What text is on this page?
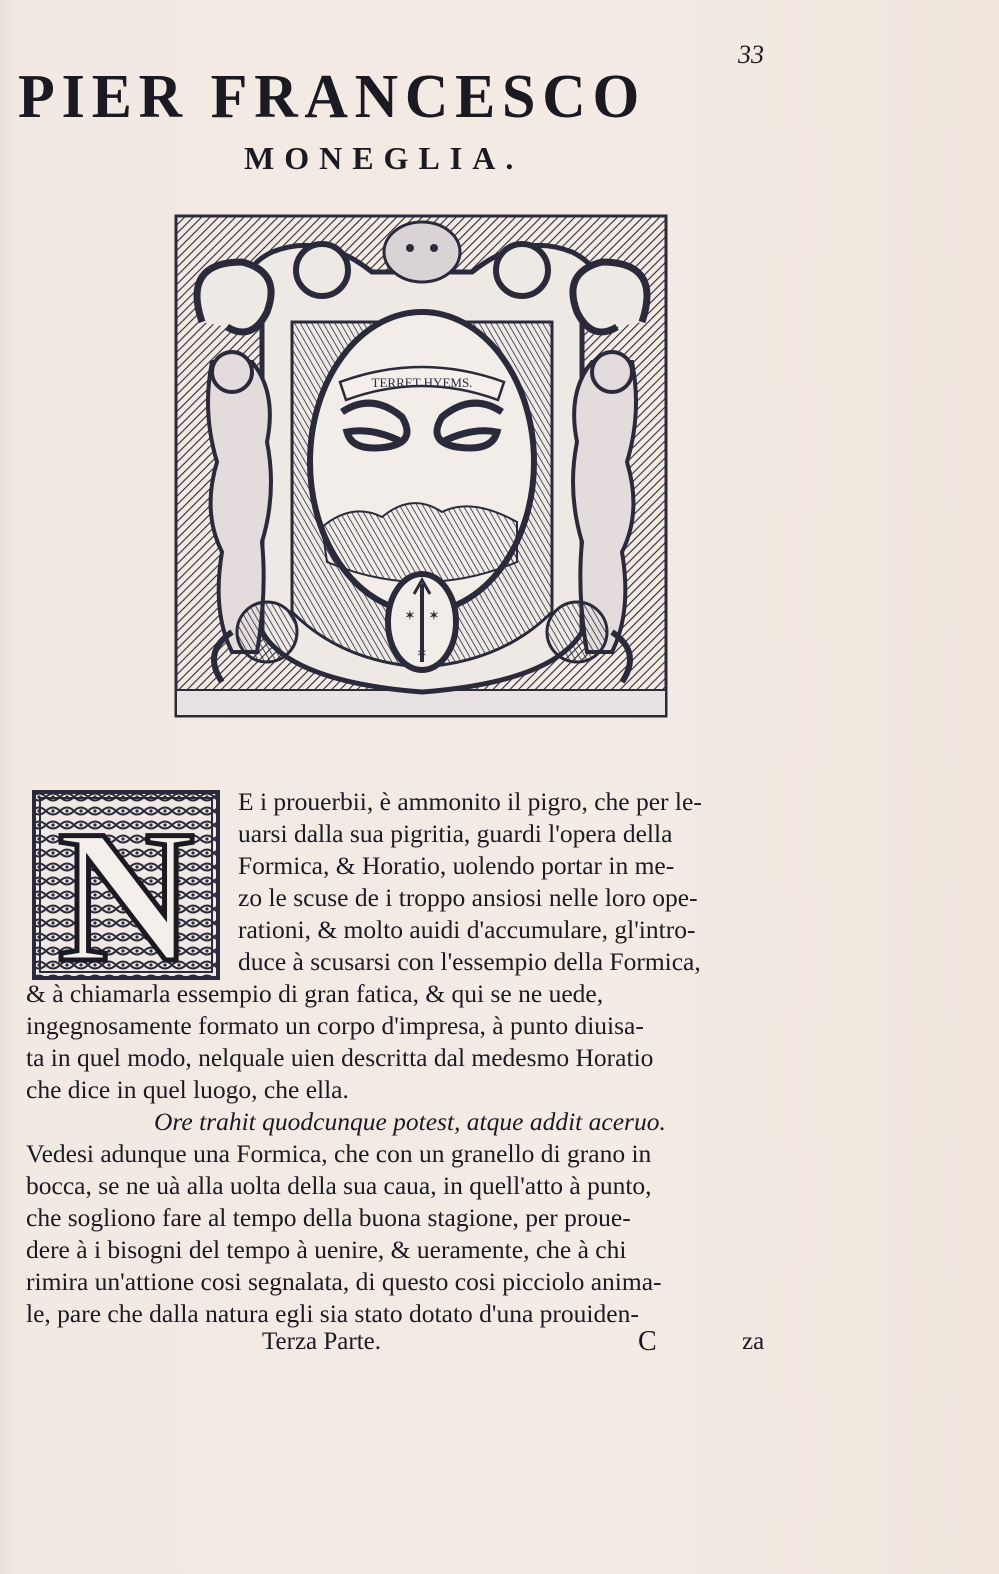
33
PIER FRANCESCO
MONEGLIA.
TERRET HYEMS.
✶ ✶
✶
N	E i prouerbii, è ammonito il pigro, che per le-
uarsi dalla sua pigritia, guardi l'opera della
Formica, & Horatio, uolendo portar in me-
zo le scuse de i troppo ansiosi nelle loro ope-
rationi, & molto auidi d'accumulare, gl'intro-
duce à scusarsi con l'essempio della Formica,
& à chiamarla essempio di gran fatica, & qui se ne uede,
ingegnosamente formato un corpo d'impresa, à punto diuisa-
ta in quel modo, nelquale uien descritta dal medesmo Horatio
che dice in quel luogo, che ella.
Ore trahit quodcunque potest, atque addit aceruo.
Vedesi adunque una Formica, che con un granello di grano in
bocca, se ne uà alla uolta della sua caua, in quell'atto à punto,
che sogliono fare al tempo della buona stagione, per proue-
dere à i bisogni del tempo à uenire, & ueramente, che à chi
rimira un'attione cosi segnalata, di questo cosi picciolo anima-
le, pare che dalla natura egli sia stato dotato d'una prouiden-
Terza Parte.	C	za
